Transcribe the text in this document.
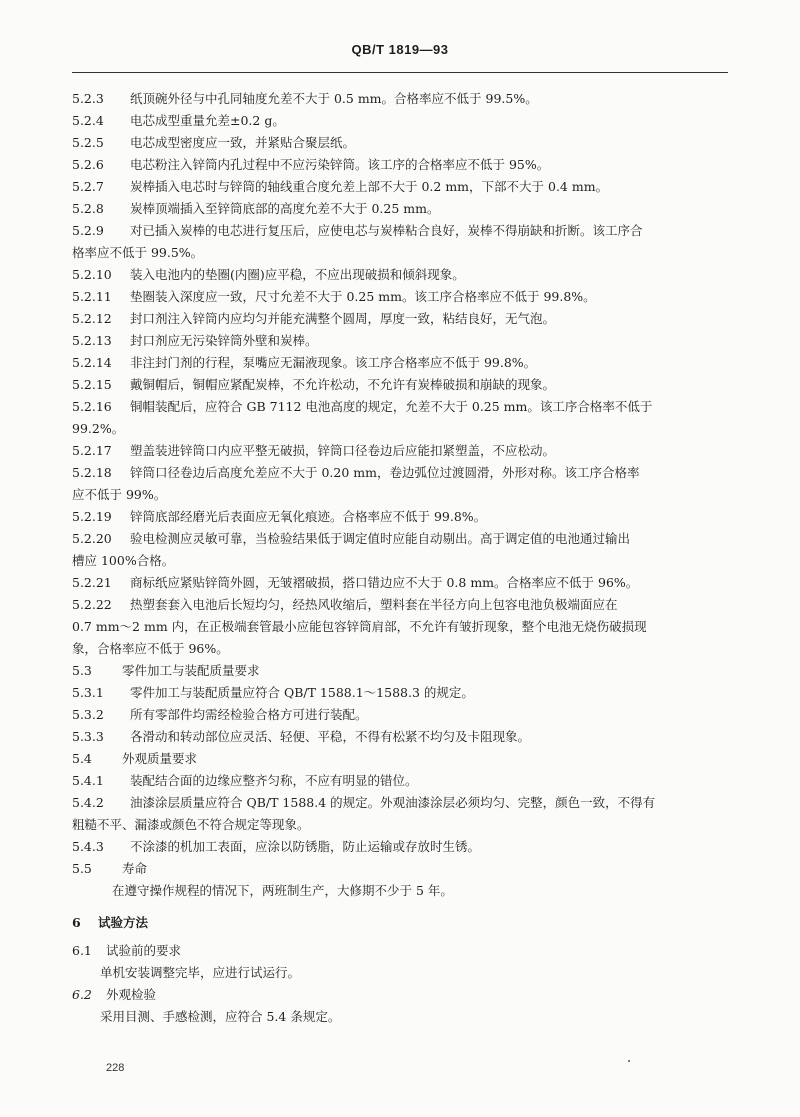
QB/T 1819—93
5.2.3 纸顶碗外径与中孔同轴度允差不大于 0.5 mm。合格率应不低于 99.5%。
5.2.4 电芯成型重量允差±0.2 g。
5.2.5 电芯成型密度应一致，并紧贴合聚层纸。
5.2.6 电芯粉注入锌筒内孔过程中不应污染锌筒。该工序的合格率应不低于 95%。
5.2.7 炭棒插入电芯时与锌筒的轴线重合度允差上部不大于 0.2 mm，下部不大于 0.4 mm。
5.2.8 炭棒顶端插入至锌筒底部的高度允差不大于 0.25 mm。
5.2.9 对已插入炭棒的电芯进行复压后，应使电芯与炭棒粘合良好，炭棒不得崩缺和折断。该工序合
格率应不低于 99.5%。
5.2.10 装入电池内的垫圈(内圈)应平稳，不应出现破损和倾斜现象。
5.2.11 垫圈装入深度应一致，尺寸允差不大于 0.25 mm。该工序合格率应不低于 99.8%。
5.2.12 封口剂注入锌筒内应均匀并能充满整个圆周，厚度一致，粘结良好，无气泡。
5.2.13 封口剂应无污染锌筒外壁和炭棒。
5.2.14 非注封门剂的行程，泵嘴应无漏液现象。该工序合格率应不低于 99.8%。
5.2.15 戴铜帽后，铜帽应紧配炭棒，不允许松动，不允许有炭棒破损和崩缺的现象。
5.2.16 铜帽装配后，应符合 GB 7112 电池高度的规定，允差不大于 0.25 mm。该工序合格率不低于
99.2%。
5.2.17 塑盖装进锌筒口内应平整无破损，锌筒口径卷边后应能扣紧塑盖，不应松动。
5.2.18 锌筒口径卷边后高度允差应不大于 0.20 mm，卷边弧位过渡圆滑，外形对称。该工序合格率
应不低于 99%。
5.2.19 锌筒底部经磨光后表面应无氧化痕迹。合格率应不低于 99.8%。
5.2.20 验电检测应灵敏可靠，当检验结果低于调定值时应能自动剔出。高于调定值的电池通过输出
槽应 100%合格。
5.2.21 商标纸应紧贴锌筒外圆，无皱褶破损，搭口错边应不大于 0.8 mm。合格率应不低于 96%。
5.2.22 热塑套套入电池后长短均匀，经热风收缩后，塑料套在半径方向上包容电池负极端面应在
0.7 mm～2 mm 内，在正极端套管最小应能包容锌筒肩部，不允许有皱折现象，整个电池无烧伤破损现
象，合格率应不低于 96%。
5.3 零件加工与装配质量要求
5.3.1 零件加工与装配质量应符合 QB/T 1588.1～1588.3 的规定。
5.3.2 所有零部件均需经检验合格方可进行装配。
5.3.3 各滑动和转动部位应灵活、轻便、平稳，不得有松紧不均匀及卡阻现象。
5.4 外观质量要求
5.4.1 装配结合面的边缘应整齐匀称，不应有明显的错位。
5.4.2 油漆涂层质量应符合 QB/T 1588.4 的规定。外观油漆涂层必须均匀、完整，颜色一致，不得有
粗糙不平、漏漆或颜色不符合规定等现象。
5.4.3 不涂漆的机加工表面，应涂以防锈脂，防止运输或存放时生锈。
5.5 寿命
在遵守操作规程的情况下，两班制生产，大修期不少于 5 年。
6 试验方法
6.1 试验前的要求
单机安装调整完毕，应进行试运行。
6.2 外观检验
采用目测、手感检测，应符合 5.4 条规定。
228
